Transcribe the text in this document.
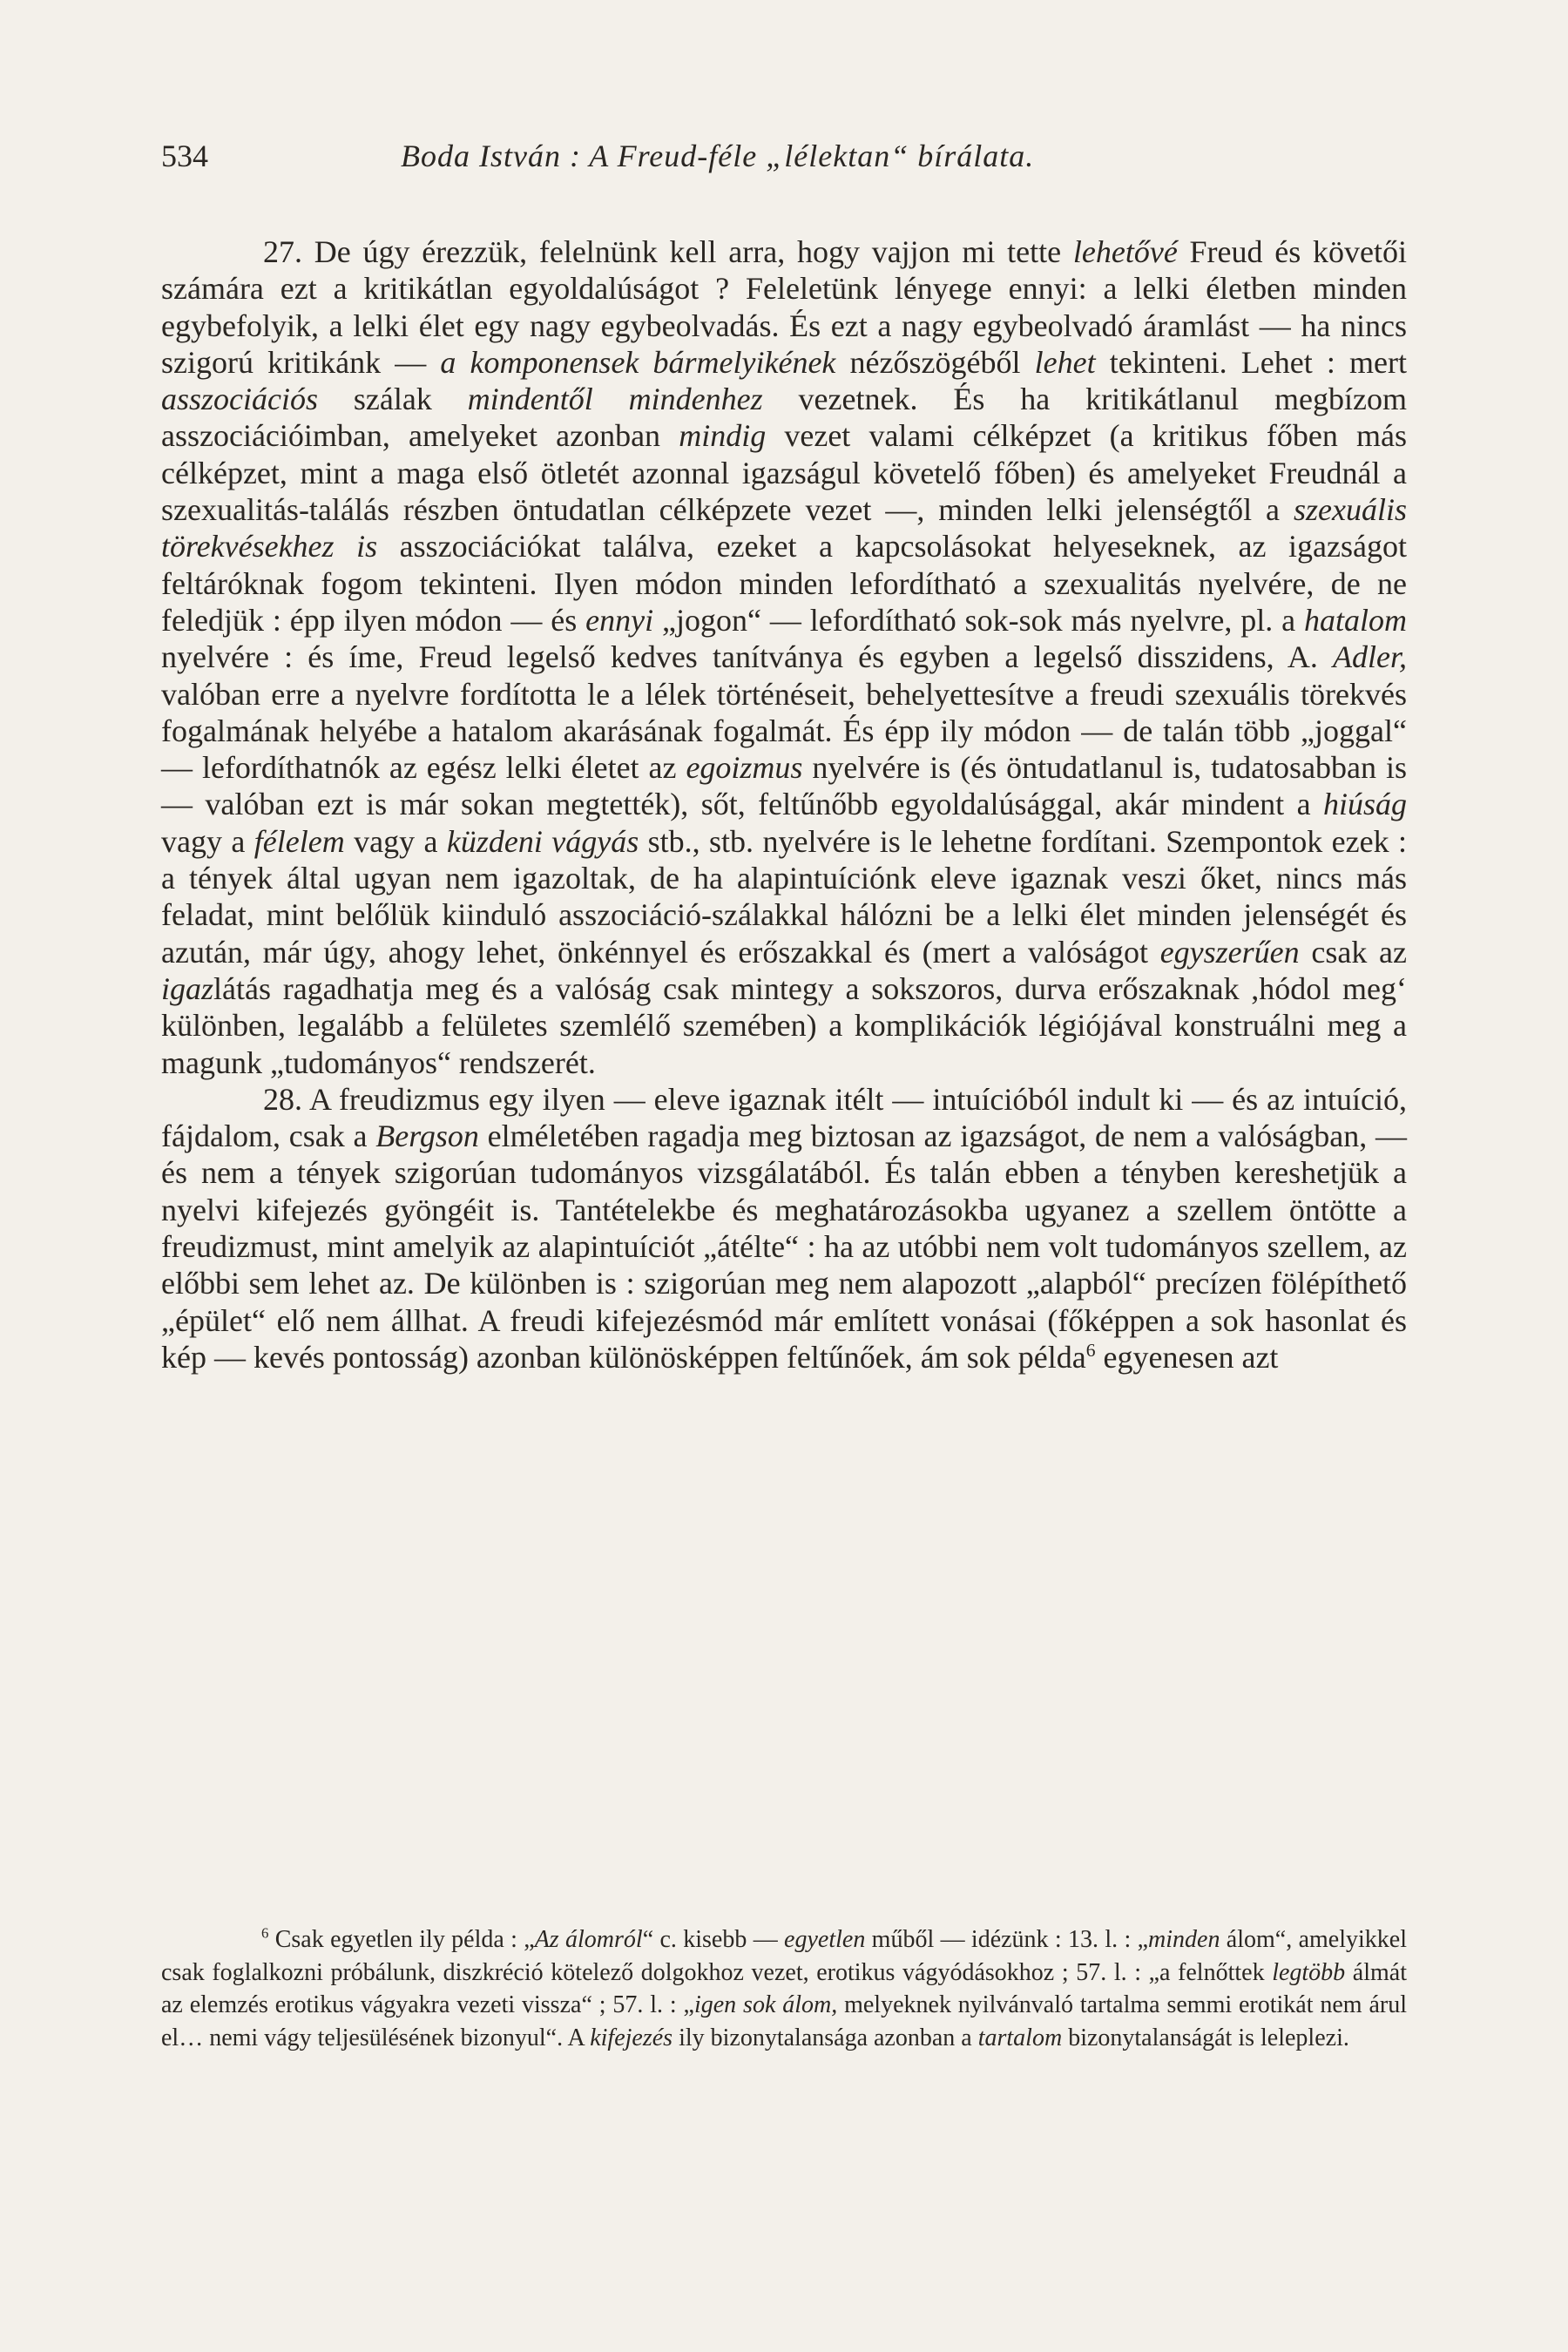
534	Boda István : A Freud-féle „lélektan“ bírálata.

27. De úgy érezzük, felelnünk kell arra, hogy vajjon mi tette lehetővé Freud és követői számára ezt a kritikátlan egyoldalúságot ? Feleletünk lényege ennyi: a lelki életben minden egybefolyik, a lelki élet egy nagy egybeolvadás. És ezt a nagy egybeolvadó áramlást — ha nincs szigorú kritikánk — a komponensek bármelyikének nézőszögéből lehet tekinteni. Lehet : mert asszociációs szálak mindentől mindenhez vezetnek. És ha kritikátlanul megbízom asszociációimban, amelyeket azonban mindig vezet valami célképzet (a kritikus főben más célképzet, mint a maga első ötletét azonnal igazságul követelő főben) és amelyeket Freudnál a szexualitás-találás részben öntudatlan célképzete vezet —, minden lelki jelenségtől a szexuális törekvésekhez is asszociációkat találva, ezeket a kapcsolásokat helyeseknek, az igazságot feltáróknak fogom tekinteni. Ilyen módon minden lefordítható a szexualitás nyelvére, de ne feledjük : épp ilyen módon — és ennyi „jogon“ — lefordítható sok-sok más nyelvre, pl. a hatalom nyelvére : és íme, Freud legelső kedves tanítványa és egyben a legelső disszidens, A. Adler, valóban erre a nyelvre fordította le a lélek történéseit, behelyettesítve a freudi szexuális törekvés fogalmának helyébe a hatalom akarásának fogalmát. És épp ily módon — de talán több „joggal“ — lefordíthatnók az egész lelki életet az egoizmus nyelvére is (és öntudatlanul is, tudatosabban is — valóban ezt is már sokan megtették), sőt, feltűnőbb egyoldalúsággal, akár mindent a hiúság vagy a félelem vagy a küzdeni vágyás stb., stb. nyelvére is le lehetne fordítani. Szempontok ezek : a tények által ugyan nem igazoltak, de ha alapintuíciónk eleve igaznak veszi őket, nincs más feladat, mint belőlük kiinduló asszociáció-szálakkal hálózni be a lelki élet minden jelenségét és azután, már úgy, ahogy lehet, önkénnyel és erőszakkal és (mert a valóságot egyszerűen csak az igazlátás ragadhatja meg és a valóság csak mintegy a sokszoros, durva erőszaknak ,hódol meg‘ különben, legalább a felületes szemlélő szemében) a komplikációk légiójával konstruálni meg a magunk „tudományos“ rendszerét.

28. A freudizmus egy ilyen — eleve igaznak itélt — intuícióból indult ki — és az intuíció, fájdalom, csak a Bergson elméletében ragadja meg biztosan az igazságot, de nem a valóságban, — és nem a tények szigorúan tudományos vizsgálatából. És talán ebben a tényben kereshetjük a nyelvi kifejezés gyöngéit is. Tantételekbe és meghatározásokba ugyanez a szellem öntötte a freudizmust, mint amelyik az alapintuíciót „átélte“ : ha az utóbbi nem volt tudományos szellem, az előbbi sem lehet az. De különben is : szigorúan meg nem alapozott „alapból“ precízen fölépíthető „épület“ elő nem állhat. A freudi kifejezésmód már említett vonásai (főképpen a sok hasonlat és kép — kevés pontosság) azonban különösképpen feltűnőek, ám sok példa$^6$ egyenesen azt

$^6$ Csak egyetlen ily példa : „Az álomról“ c. kisebb — egyetlen műből — idézünk : 13. l. : „minden álom“, amelyikkel csak foglalkozni próbálunk, diszkréció kötelező dolgokhoz vezet, erotikus vágyódásokhoz ; 57. l. : „a felnőttek legtöbb álmát az elemzés erotikus vágyakra vezeti vissza“ ; 57. l. : „igen sok álom, melyeknek nyilvánvaló tartalma semmi erotikát nem árul el… nemi vágy teljesülésének bizonyul“. A kifejezés ily bizonytalansága azonban a tartalom bizonytalanságát is leleplezi.
